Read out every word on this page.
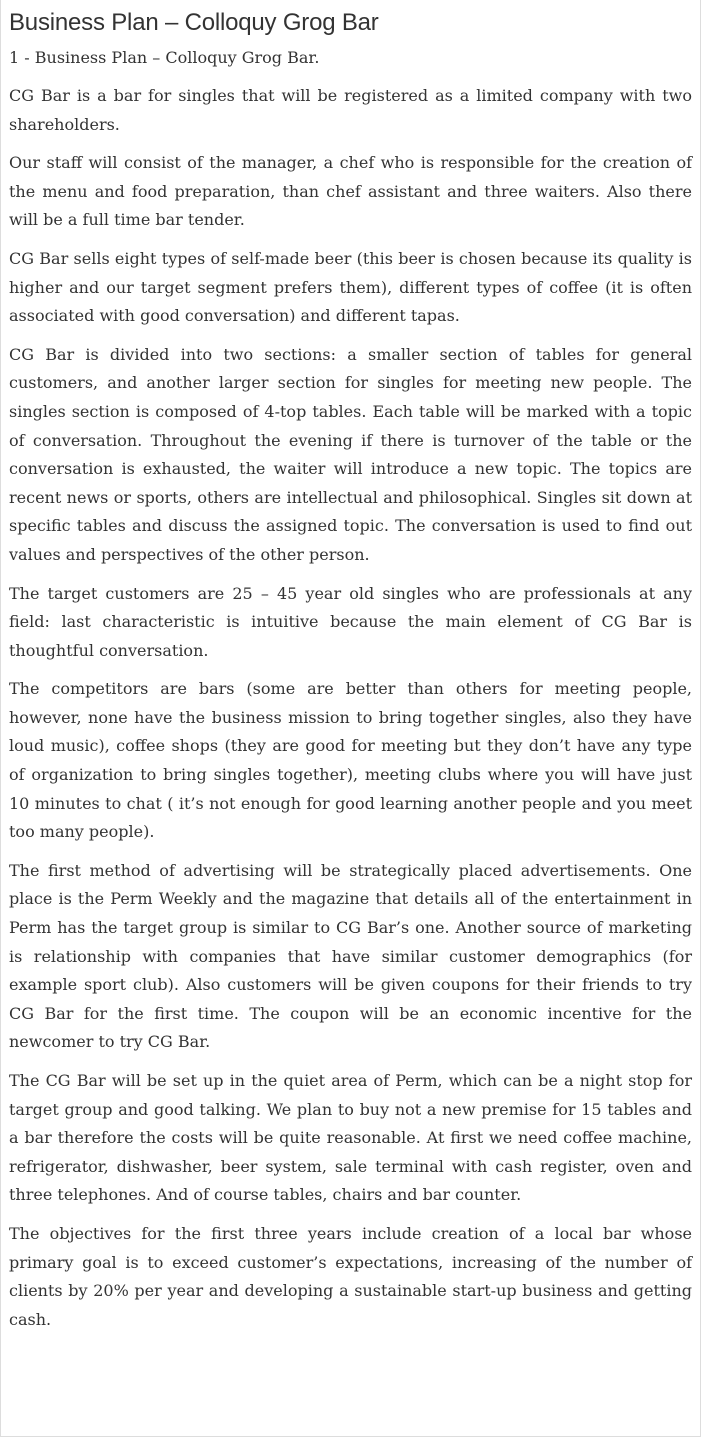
Business Plan – Colloquy Grog Bar

1 - Business Plan – Colloquy Grog Bar.

CG Bar is a bar for singles that will be registered as a limited company with two shareholders.

Our staff will consist of the manager, a chef who is responsible for the creation of the menu and food preparation, than chef assistant and three waiters. Also there will be a full time bar tender.

CG Bar sells eight types of self-made beer (this beer is chosen because its quality is higher and our target segment prefers them), different types of coffee (it is often associated with good conversation) and different tapas.

CG Bar is divided into two sections: a smaller section of tables for general customers, and another larger section for singles for meeting new people. The singles section is composed of 4-top tables. Each table will be marked with a topic of conversation. Throughout the evening if there is turnover of the table or the conversation is exhausted, the waiter will introduce a new topic. The topics are recent news or sports, others are intellectual and philosophical. Singles sit down at specific tables and discuss the assigned topic. The conversation is used to find out values and perspectives of the other person.

The target customers are 25 – 45 year old singles who are professionals at any field: last characteristic is intuitive because the main element of CG Bar is thoughtful conversation.

The competitors are bars (some are better than others for meeting people, however, none have the business mission to bring together singles, also they have loud music), coffee shops (they are good for meeting but they don’t have any type of organization to bring singles together), meeting clubs where you will have just 10 minutes to chat ( it’s not enough for good learning another people and you meet too many people).

The first method of advertising will be strategically placed advertisements. One place is the Perm Weekly and the magazine that details all of the entertainment in Perm has the target group is similar to CG Bar’s one. Another source of marketing is relationship with companies that have similar customer demographics (for example sport club). Also customers will be given coupons for their friends to try CG Bar for the first time. The coupon will be an economic incentive for the newcomer to try CG Bar.

The CG Bar will be set up in the quiet area of Perm, which can be a night stop for target group and good talking. We plan to buy not a new premise for 15 tables and a bar therefore the costs will be quite reasonable. At first we need coffee machine, refrigerator, dishwasher, beer system, sale terminal with cash register, oven and three telephones. And of course tables, chairs and bar counter.

The objectives for the first three years include creation of a local bar whose primary goal is to exceed customer’s expectations, increasing of the number of clients by 20% per year and developing a sustainable start-up business and getting cash.
